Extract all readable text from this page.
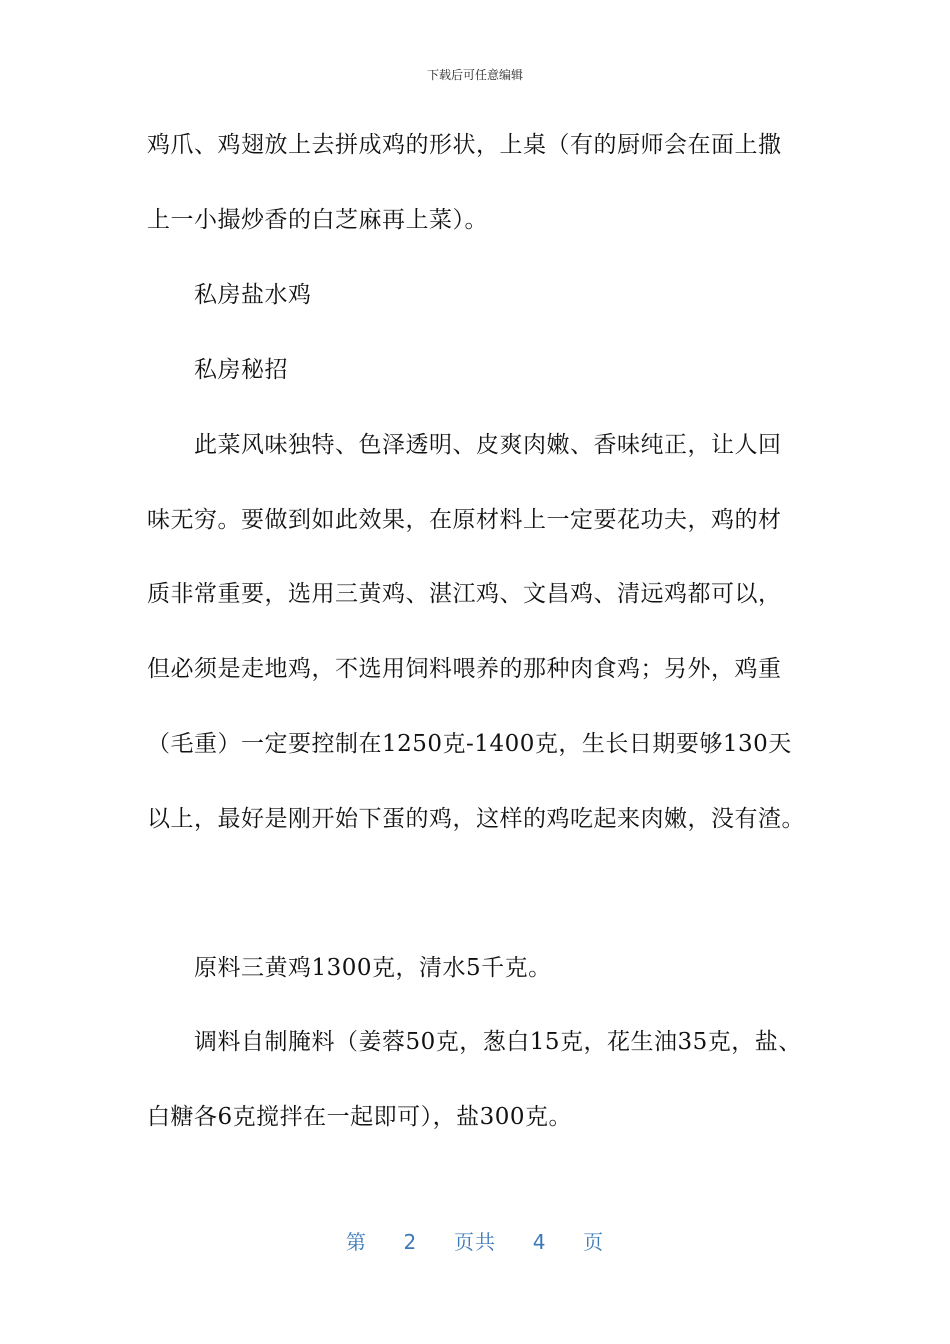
下载后可任意编辑
鸡爪、鸡翅放上去拼成鸡的形状，上桌（有的厨师会在面上撒
上一小撮炒香的白芝麻再上菜）。
私房盐水鸡
私房秘招
此菜风味独特、色泽透明、皮爽肉嫩、香味纯正，让人回
味无穷。要做到如此效果，在原材料上一定要花功夫，鸡的材
质非常重要，选用三黄鸡、湛江鸡、文昌鸡、清远鸡都可以，
但必须是走地鸡，不选用饲料喂养的那种肉食鸡；另外，鸡重
（毛重）一定要控制在1250克-1400克，生长日期要够130天
以上，最好是刚开始下蛋的鸡，这样的鸡吃起来肉嫩，没有渣。
原料三黄鸡1300克，清水5千克。
调料自制腌料（姜蓉50克，葱白15克，花生油35克，盐、
白糖各6克搅拌在一起即可），盐300克。
第 2 页共 4 页
